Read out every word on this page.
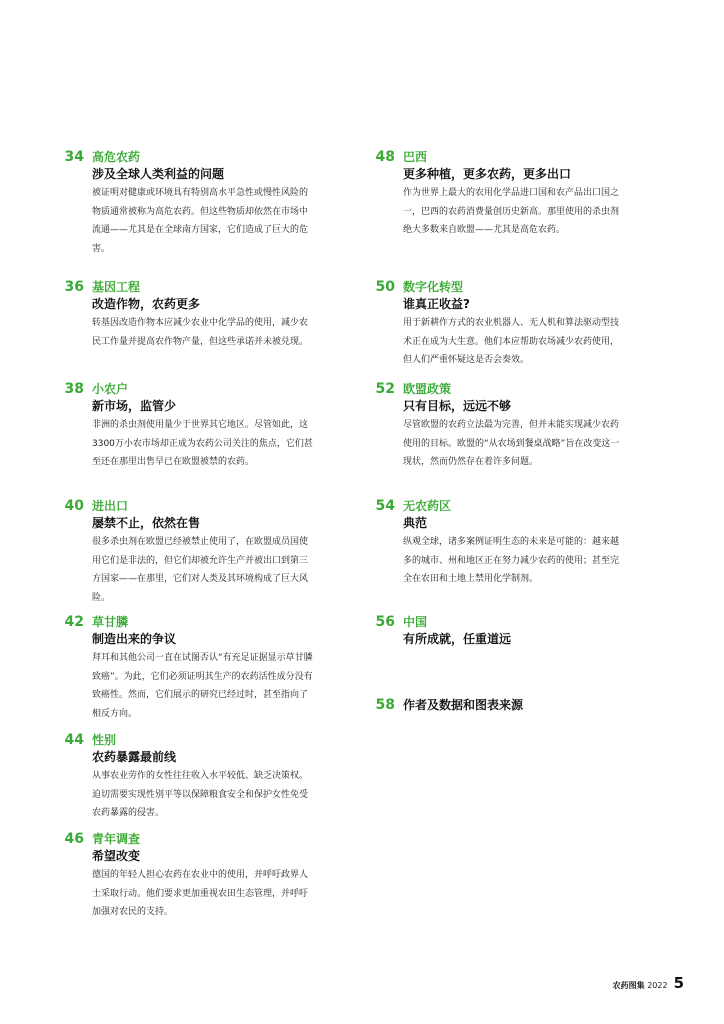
34 高危农药
涉及全球人类利益的问题
被证明对健康或环境具有特别高水平急性或慢性风险的
物质通常被称为高危农药。但这些物质却依然在市场中
流通——尤其是在全球南方国家，它们造成了巨大的危
害。
36 基因工程
改造作物，农药更多
转基因改造作物本应减少农业中化学品的使用，减少农
民工作量并提高农作物产量，但这些承诺并未被兑现。
38 小农户
新市场，监管少
非洲的杀虫剂使用量少于世界其它地区。尽管如此，这
3300万小农市场却正成为农药公司关注的焦点，它们甚
至还在那里出售早已在欧盟被禁的农药。
40 进出口
屡禁不止，依然在售
很多杀虫剂在欧盟已经被禁止使用了，在欧盟成员国使
用它们是非法的，但它们却被允许生产并被出口到第三
方国家——在那里，它们对人类及其环境构成了巨大风
险。
42 草甘膦
制造出来的争议
拜耳和其他公司一直在试图否认“有充足证据显示草甘膦
致癌”。为此，它们必须证明其生产的农药活性成分没有
致癌性。然而，它们展示的研究已经过时，甚至指向了
相反方向。
44 性别
农药暴露最前线
从事农业劳作的女性往往收入水平较低、缺乏决策权。
迫切需要实现性别平等以保障粮食安全和保护女性免受
农药暴露的侵害。
46 青年调查
希望改变
德国的年轻人担心农药在农业中的使用，并呼吁政界人
士采取行动。他们要求更加重视农田生态管理，并呼吁
加强对农民的支持。
48 巴西
更多种植，更多农药，更多出口
作为世界上最大的农用化学品进口国和农产品出口国之
一，巴西的农药消费量创历史新高。那里使用的杀虫剂
绝大多数来自欧盟——尤其是高危农药。
50 数字化转型
谁真正收益?
用于新耕作方式的农业机器人、无人机和算法驱动型技
术正在成为大生意。他们本应帮助农场减少农药使用，
但人们严重怀疑这是否会奏效。
52 欧盟政策
只有目标，远远不够
尽管欧盟的农药立法最为完善，但并未能实现减少农药
使用的目标。欧盟的“从农场到餐桌战略”旨在改变这一
现状，然而仍然存在着许多问题。
54 无农药区
典范
纵观全球，诸多案例证明生态的未来是可能的：越来越
多的城市、州和地区正在努力减少农药的使用；甚至完
全在农田和土地上禁用化学制剂。
56 中国
有所成就，任重道远
58 作者及数据和图表来源
农药图集 2022 5
